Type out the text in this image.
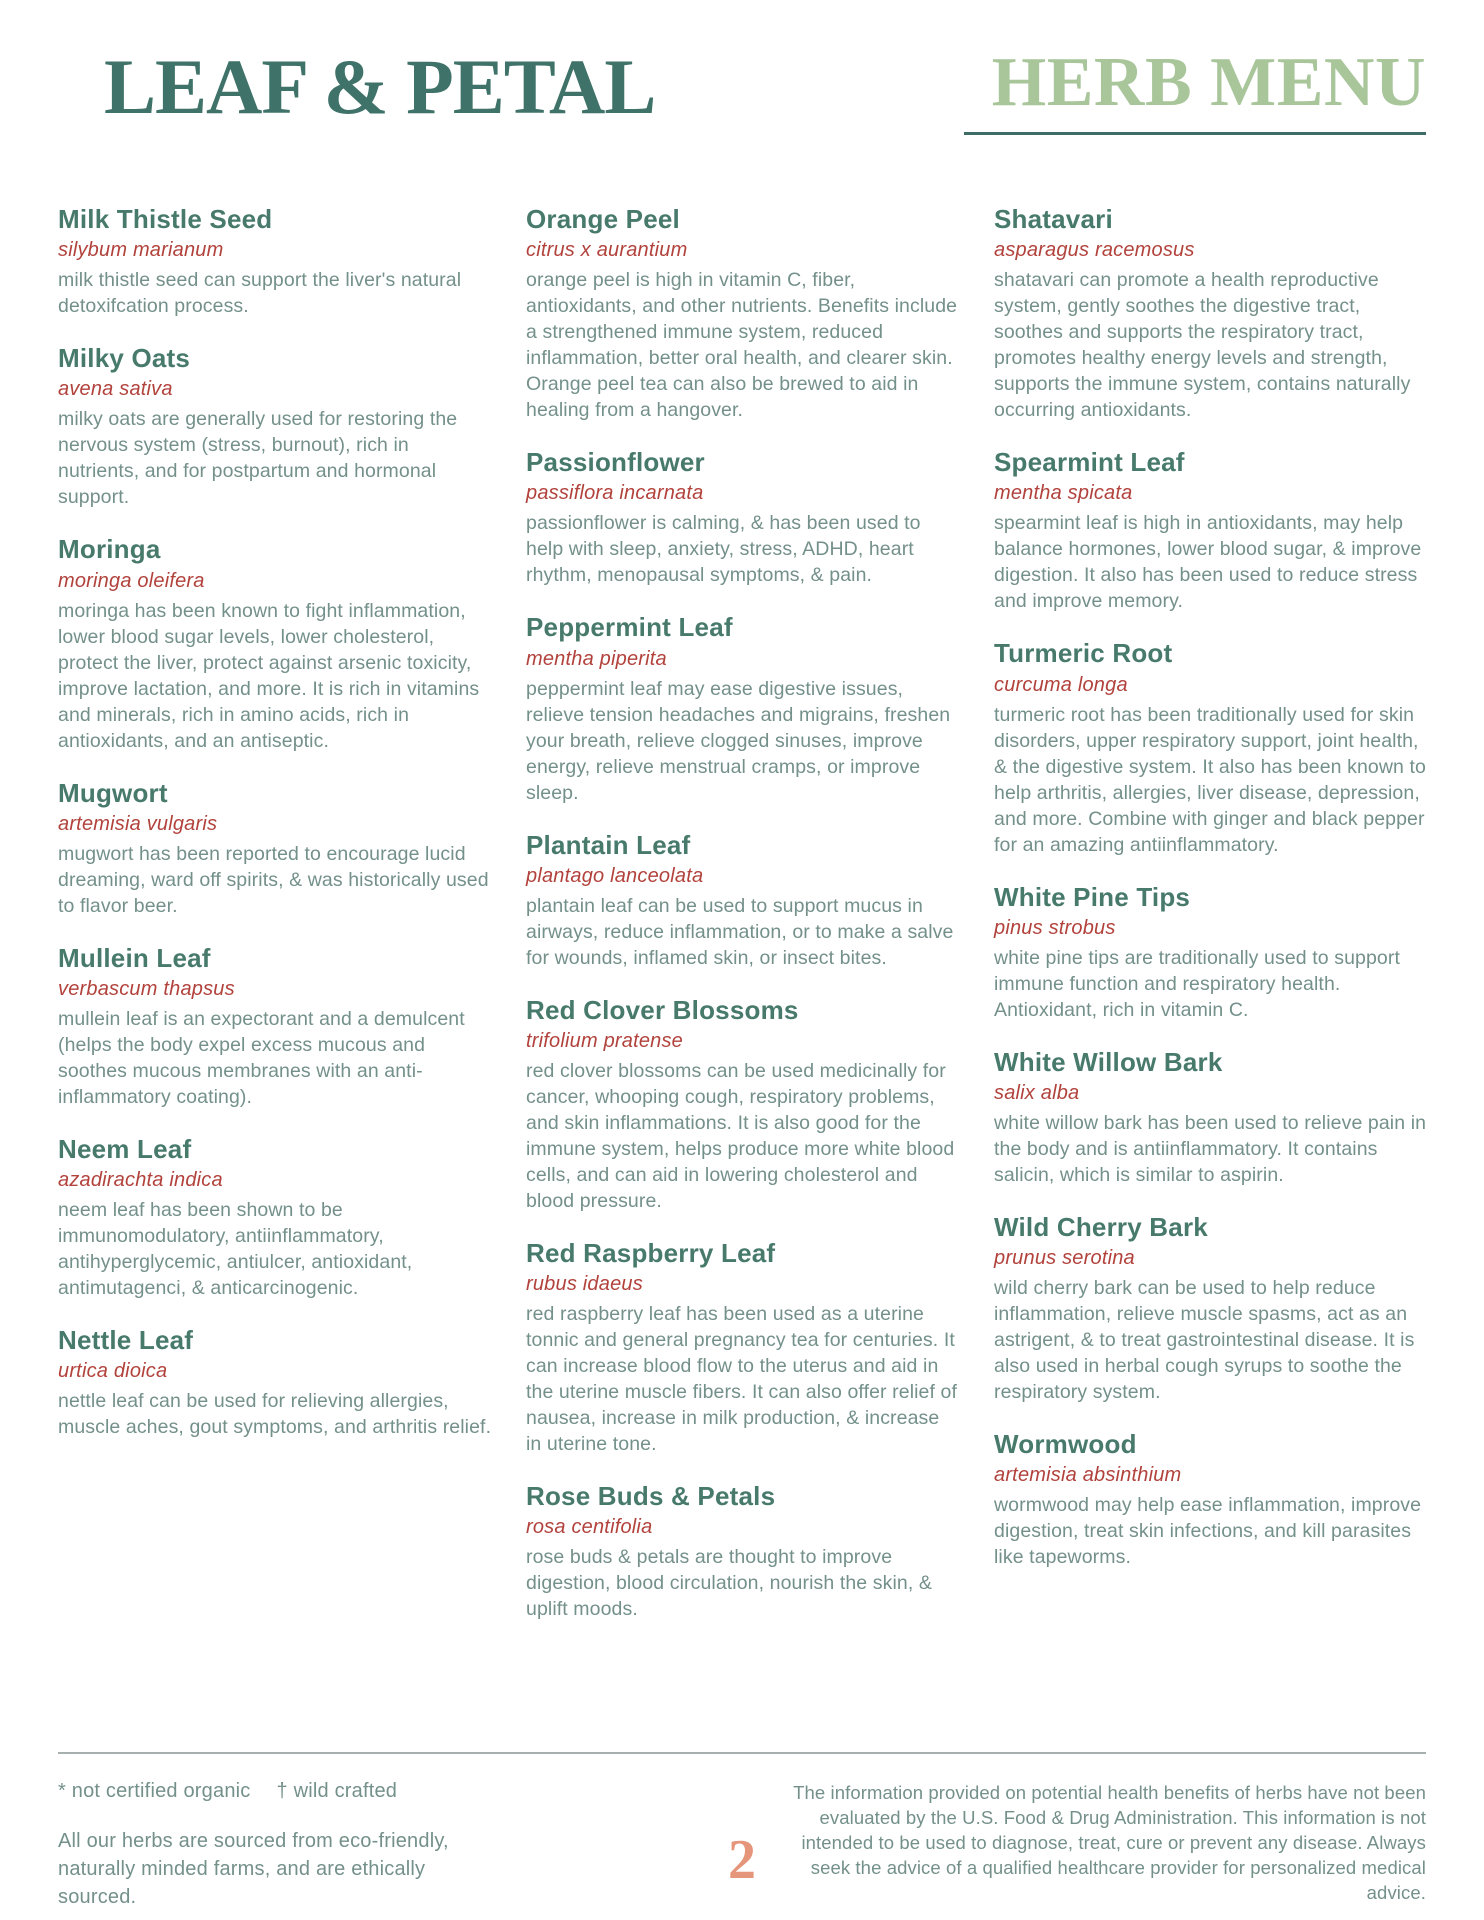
LEAF & PETAL	HERB MENU
Milk Thistle Seed
silybum marianum

milk thistle seed can support the liver's natural detoxifcation process.

Milky Oats
avena sativa

milky oats are generally used for restoring the nervous system (stress, burnout), rich in nutrients, and for postpartum and hormonal support.

Moringa
moringa oleifera

moringa has been known to fight inflammation, lower blood sugar levels, lower cholesterol, protect the liver, protect against arsenic toxicity, improve lactation, and more. It is rich in vitamins and minerals, rich in amino acids, rich in antioxidants, and an antiseptic.

Mugwort
artemisia vulgaris

mugwort has been reported to encourage lucid dreaming, ward off spirits, & was historically used to flavor beer.

Mullein Leaf
verbascum thapsus

mullein leaf is an expectorant and a demulcent (helps the body expel excess mucous and soothes mucous membranes with an anti-inflammatory coating).

Neem Leaf
azadirachta indica

neem leaf has been shown to be immunomodulatory, antiinflammatory, antihyperglycemic, antiulcer, antioxidant, antimutagenci, & anticarcinogenic.

Nettle Leaf
urtica dioica

nettle leaf can be used for relieving allergies, muscle aches, gout symptoms, and arthritis relief.

Orange Peel
citrus x aurantium

orange peel is high in vitamin C, fiber, antioxidants, and other nutrients. Benefits include a strengthened immune system, reduced inflammation, better oral health, and clearer skin. Orange peel tea can also be brewed to aid in healing from a hangover.

Passionflower
passiflora incarnata

passionflower is calming, & has been used to help with sleep, anxiety, stress, ADHD, heart rhythm, menopausal symptoms, & pain.

Peppermint Leaf
mentha piperita

peppermint leaf may ease digestive issues, relieve tension headaches and migrains, freshen your breath, relieve clogged sinuses, improve energy, relieve menstrual cramps, or improve sleep.

Plantain Leaf
plantago lanceolata

plantain leaf can be used to support mucus in airways, reduce inflammation, or to make a salve for wounds, inflamed skin, or insect bites.

Red Clover Blossoms
trifolium pratense

red clover blossoms can be used medicinally for cancer, whooping cough, respiratory problems, and skin inflammations. It is also good for the immune system, helps produce more white blood cells, and can aid in lowering cholesterol and blood pressure.

Red Raspberry Leaf
rubus idaeus

red raspberry leaf has been used as a uterine tonnic and general pregnancy tea for centuries. It can increase blood flow to the uterus and aid in the uterine muscle fibers. It can also offer relief of nausea, increase in milk production, & increase in uterine tone.

Rose Buds & Petals
rosa centifolia

rose buds & petals are thought to improve digestion, blood circulation, nourish the skin, & uplift moods.

Shatavari
asparagus racemosus

shatavari can promote a health reproductive system, gently soothes the digestive tract, soothes and supports the respiratory tract, promotes healthy energy levels and strength, supports the immune system, contains naturally occurring antioxidants.

Spearmint Leaf
mentha spicata

spearmint leaf is high in antioxidants, may help balance hormones, lower blood sugar, & improve digestion. It also has been used to reduce stress and improve memory.

Turmeric Root
curcuma longa

turmeric root has been traditionally used for skin disorders, upper respiratory support, joint health, & the digestive system. It also has been known to help arthritis, allergies, liver disease, depression, and more. Combine with ginger and black pepper for an amazing antiinflammatory.

White Pine Tips
pinus strobus

white pine tips are traditionally used to support immune function and respiratory health. Antioxidant, rich in vitamin C.

White Willow Bark
salix alba

white willow bark has been used to relieve pain in the body and is antiinflammatory. It contains salicin, which is similar to aspirin.

Wild Cherry Bark
prunus serotina

wild cherry bark can be used to help reduce inflammation, relieve muscle spasms, act as an astrigent, & to treat gastrointestinal disease. It is also used in herbal cough syrups to soothe the respiratory system.

Wormwood
artemisia absinthium

wormwood may help ease inflammation, improve digestion, treat skin infections, and kill parasites like tapeworms.

* not certified organic † wild crafted
All our herbs are sourced from eco-friendly, naturally minded farms, and are ethically sourced.
2
The information provided on potential health benefits of herbs have not been evaluated by the U.S. Food & Drug Administration. This information is not intended to be used to diagnose, treat, cure or prevent any disease. Always seek the advice of a qualified healthcare provider for personalized medical advice.
